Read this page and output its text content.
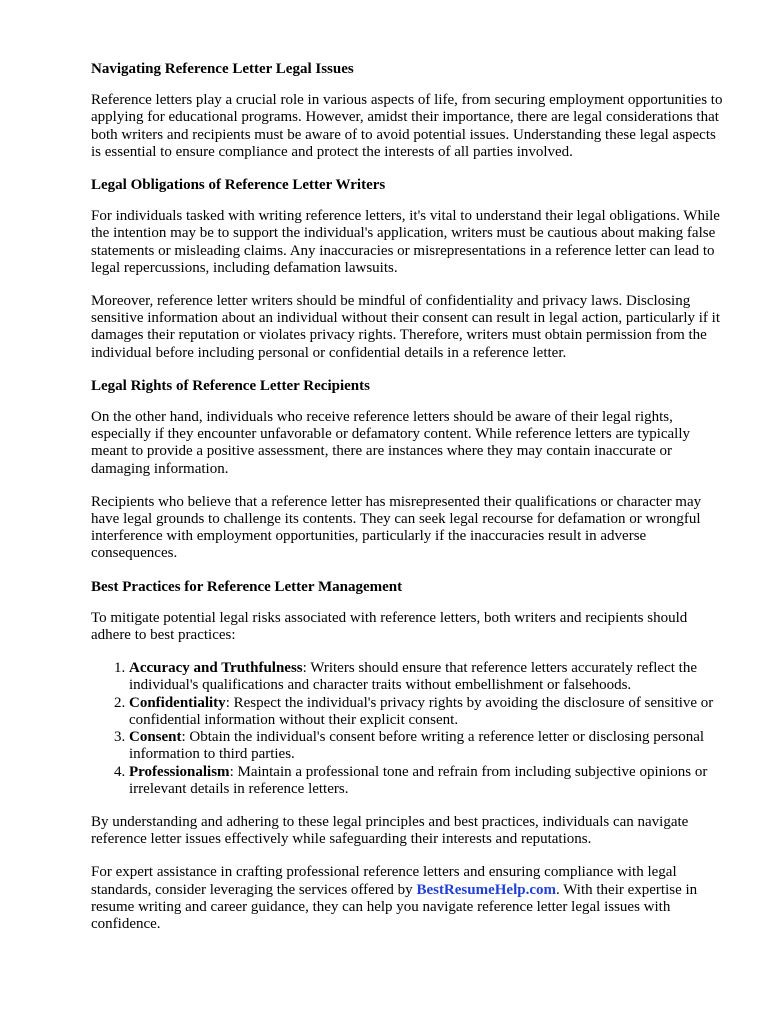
Navigating Reference Letter Legal Issues

Reference letters play a crucial role in various aspects of life, from securing employment opportunities to applying for educational programs. However, amidst their importance, there are legal considerations that both writers and recipients must be aware of to avoid potential issues. Understanding these legal aspects is essential to ensure compliance and protect the interests of all parties involved.

Legal Obligations of Reference Letter Writers

For individuals tasked with writing reference letters, it's vital to understand their legal obligations. While the intention may be to support the individual's application, writers must be cautious about making false statements or misleading claims. Any inaccuracies or misrepresentations in a reference letter can lead to legal repercussions, including defamation lawsuits.

Moreover, reference letter writers should be mindful of confidentiality and privacy laws. Disclosing sensitive information about an individual without their consent can result in legal action, particularly if it damages their reputation or violates privacy rights. Therefore, writers must obtain permission from the individual before including personal or confidential details in a reference letter.

Legal Rights of Reference Letter Recipients

On the other hand, individuals who receive reference letters should be aware of their legal rights, especially if they encounter unfavorable or defamatory content. While reference letters are typically meant to provide a positive assessment, there are instances where they may contain inaccurate or damaging information.

Recipients who believe that a reference letter has misrepresented their qualifications or character may have legal grounds to challenge its contents. They can seek legal recourse for defamation or wrongful interference with employment opportunities, particularly if the inaccuracies result in adverse consequences.

Best Practices for Reference Letter Management

To mitigate potential legal risks associated with reference letters, both writers and recipients should adhere to best practices:

1. Accuracy and Truthfulness: Writers should ensure that reference letters accurately reflect the individual's qualifications and character traits without embellishment or falsehoods.
2. Confidentiality: Respect the individual's privacy rights by avoiding the disclosure of sensitive or confidential information without their explicit consent.
3. Consent: Obtain the individual's consent before writing a reference letter or disclosing personal information to third parties.
4. Professionalism: Maintain a professional tone and refrain from including subjective opinions or irrelevant details in reference letters.

By understanding and adhering to these legal principles and best practices, individuals can navigate reference letter issues effectively while safeguarding their interests and reputations.

For expert assistance in crafting professional reference letters and ensuring compliance with legal standards, consider leveraging the services offered by BestResumeHelp.com. With their expertise in resume writing and career guidance, they can help you navigate reference letter legal issues with confidence.
